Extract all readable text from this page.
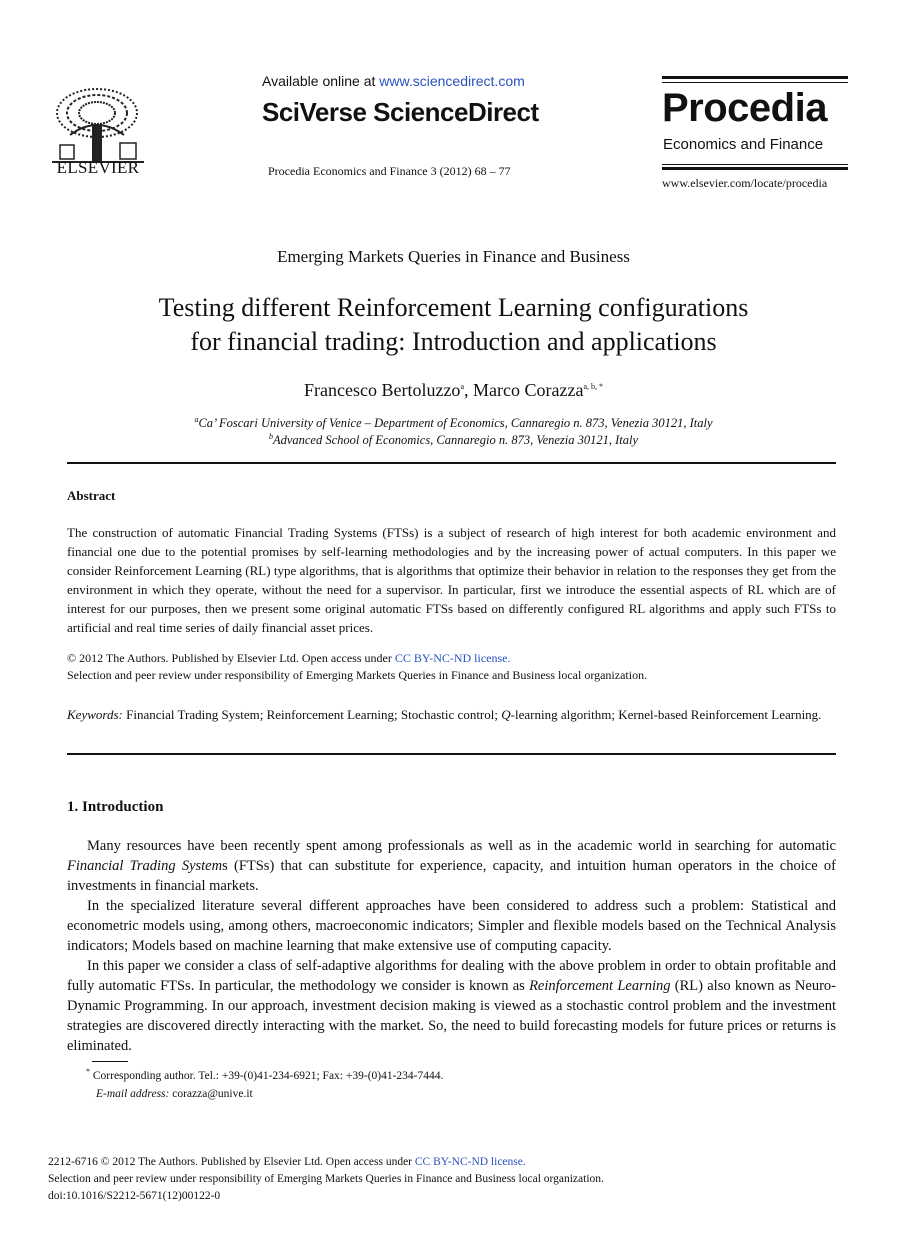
ELSEVIER
Available online at www.sciencedirect.com
SciVerse ScienceDirect
Procedia Economics and Finance 3 (2012) 68 – 77
Procedia
Economics and Finance
www.elsevier.com/locate/procedia
Emerging Markets Queries in Finance and Business
Testing different Reinforcement Learning configurations
for financial trading: Introduction and applications
Francesco Bertoluzzo$^a$, Marco Corazza$^{a, b, *}$
$^a$Ca’ Foscari University of Venice – Department of Economics, Cannaregio n. 873, Venezia 30121, Italy
$^b$Advanced School of Economics, Cannaregio n. 873, Venezia 30121, Italy
Abstract
The construction of automatic Financial Trading Systems (FTSs) is a subject of research of high interest for both academic environment and financial one due to the potential promises by self-learning methodologies and by the increasing power of actual computers. In this paper we consider Reinforcement Learning (RL) type algorithms, that is algorithms that optimize their behavior in relation to the responses they get from the environment in which they operate, without the need for a supervisor. In particular, first we introduce the essential aspects of RL which are of interest for our purposes, then we present some original automatic FTSs based on differently configured RL algorithms and apply such FTSs to artificial and real time series of daily financial asset prices.
© 2012 The Authors. Published by Elsevier Ltd. Open access under CC BY-NC-ND license.
Selection and peer review under responsibility of Emerging Markets Queries in Finance and Business local organization.
Keywords: Financial Trading System; Reinforcement Learning; Stochastic control; Q-learning algorithm; Kernel-based Reinforcement Learning.
1. Introduction

Many resources have been recently spent among professionals as well as in the academic world in searching for automatic Financial Trading Systems (FTSs) that can substitute for experience, capacity, and intuition human operators in the choice of investments in financial markets.

In the specialized literature several different approaches have been considered to address such a problem: Statistical and econometric models using, among others, macroeconomic indicators; Simpler and flexible models based on the Technical Analysis indicators; Models based on machine learning that make extensive use of computing capacity.

In this paper we consider a class of self-adaptive algorithms for dealing with the above problem in order to obtain profitable and fully automatic FTSs. In particular, the methodology we consider is known as Reinforcement Learning (RL) also known as Neuro-Dynamic Programming. In our approach, investment decision making is viewed as a stochastic control problem and the investment strategies are discovered directly interacting with the market. So, the need to build forecasting models for future prices or returns is eliminated.

* Corresponding author. Tel.: +39-(0)41-234-6921; Fax: +39-(0)41-234-7444.
E-mail address: corazza@unive.it
2212-6716 © 2012 The Authors. Published by Elsevier Ltd. Open access under CC BY-NC-ND license.
Selection and peer review under responsibility of Emerging Markets Queries in Finance and Business local organization.
doi:10.1016/S2212-5671(12)00122-0
